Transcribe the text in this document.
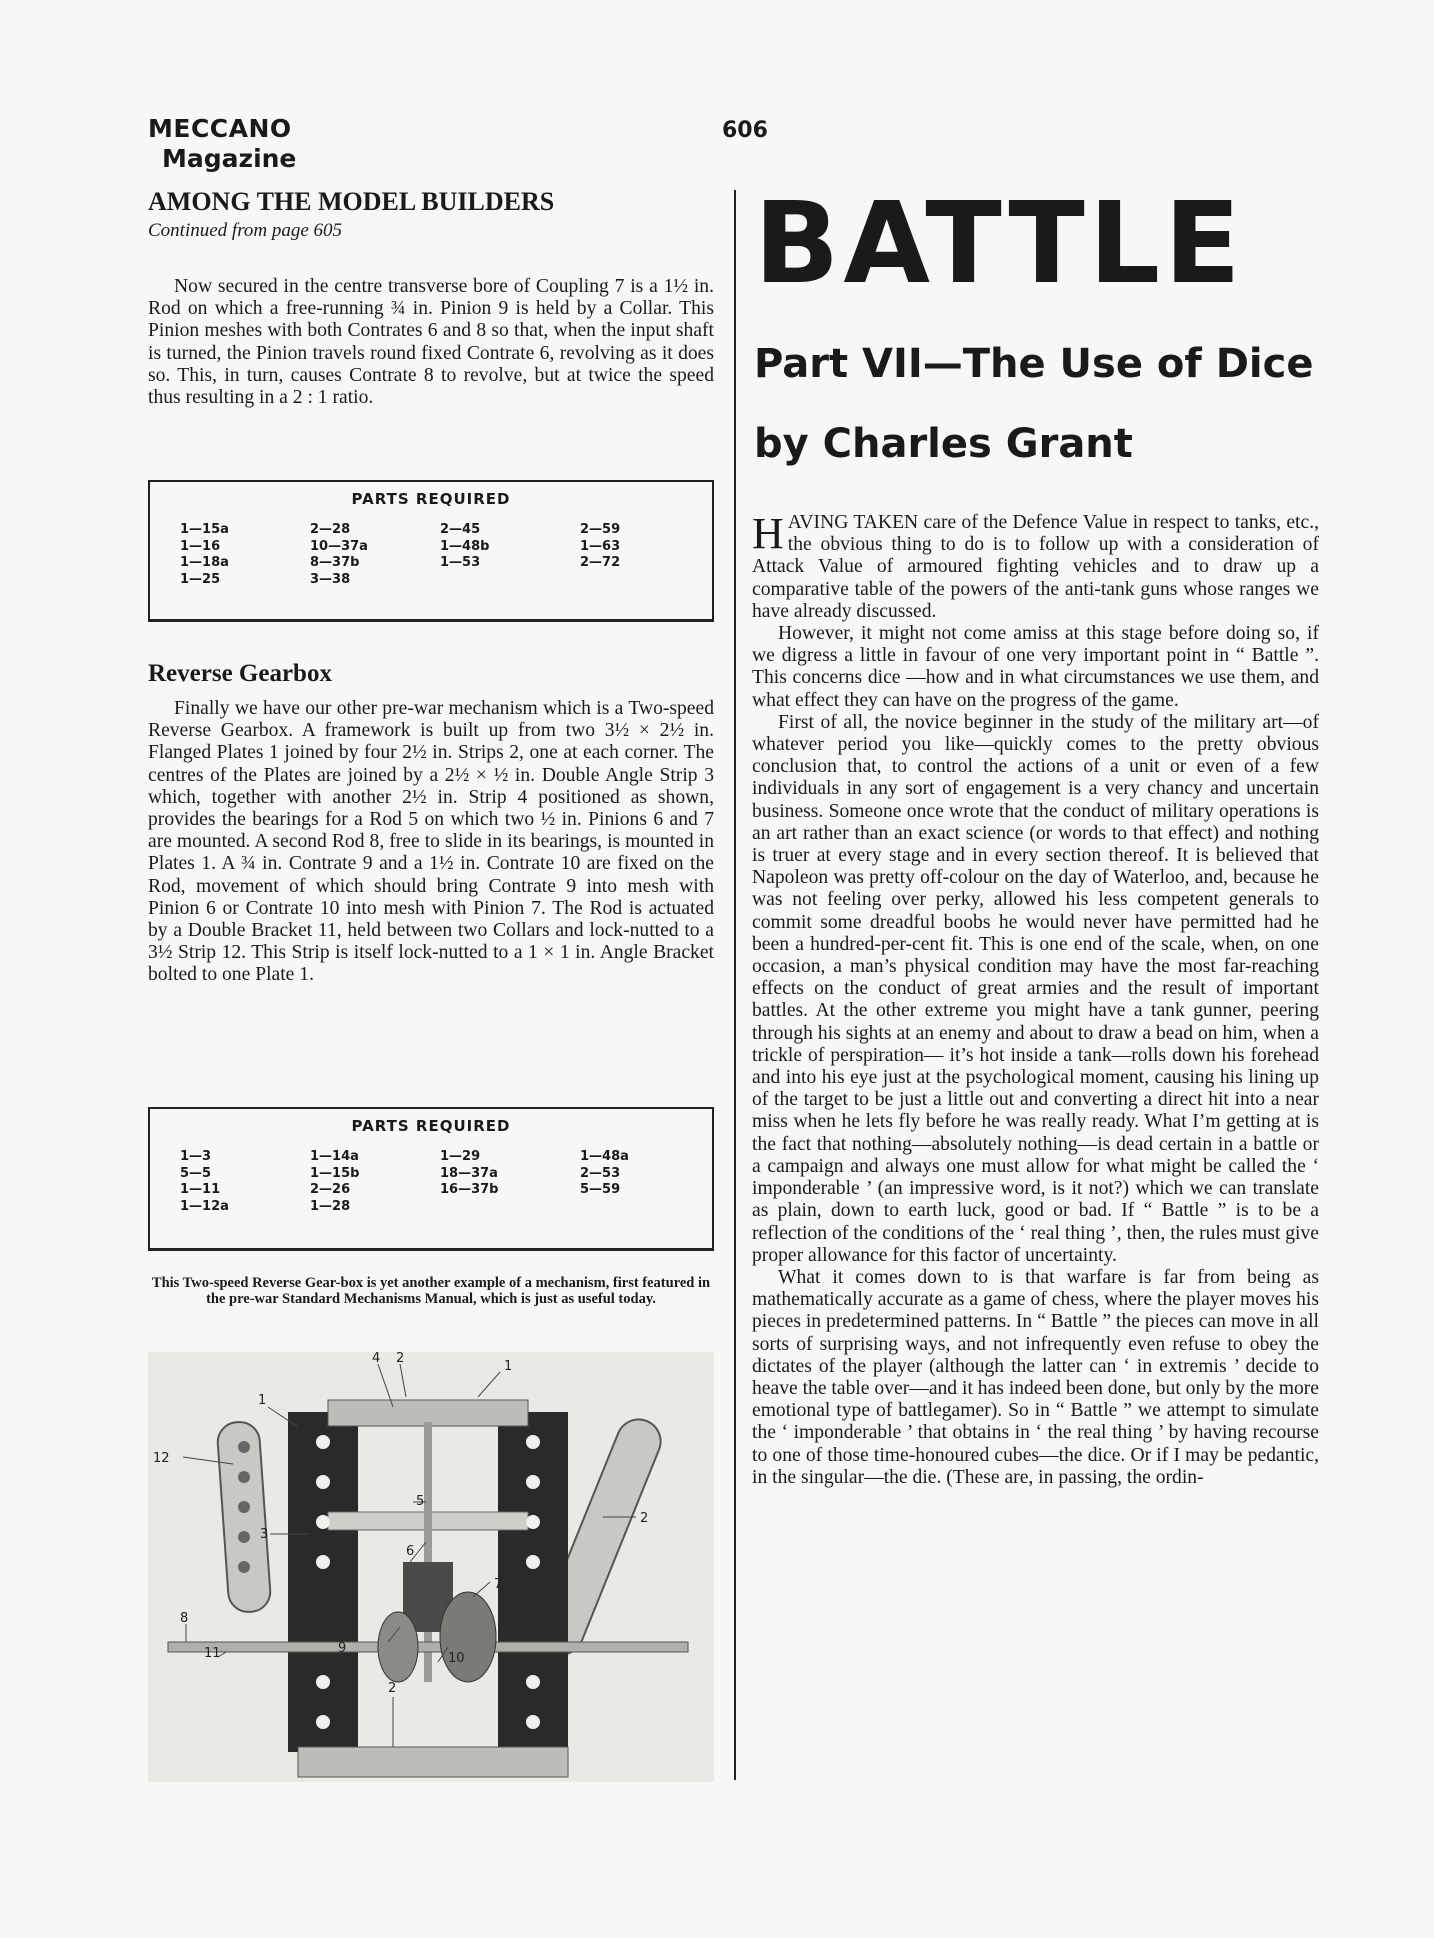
MECCANO
Magazine
606
AMONG THE MODEL BUILDERS

Continued from page 605

Now secured in the centre transverse bore of Coupling 7 is a 1½ in. Rod on which a free-running ¾ in. Pinion 9 is held by a Collar. This Pinion meshes with both Contrates 6 and 8 so that, when the input shaft is turned, the Pinion travels round fixed Contrate 6, revolving as it does so. This, in turn, causes Contrate 8 to revolve, but at twice the speed thus resulting in a 2 : 1 ratio.

PARTS REQUIRED
1—15a
1—16
1—18a
1—25
2—28
10—37a
8—37b
3—38
2—45
1—48b
1—53
2—59
1—63
2—72
Reverse Gearbox

Finally we have our other pre-war mechanism which is a Two-speed Reverse Gearbox. A framework is built up from two 3½ × 2½ in. Flanged Plates 1 joined by four 2½ in. Strips 2, one at each corner. The centres of the Plates are joined by a 2½ × ½ in. Double Angle Strip 3 which, together with another 2½ in. Strip 4 positioned as shown, provides the bearings for a Rod 5 on which two ½ in. Pinions 6 and 7 are mounted. A second Rod 8, free to slide in its bearings, is mounted in Plates 1. A ¾ in. Contrate 9 and a 1½ in. Contrate 10 are fixed on the Rod, movement of which should bring Contrate 9 into mesh with Pinion 6 or Contrate 10 into mesh with Pinion 7. The Rod is actuated by a Double Bracket 11, held between two Collars and lock-nutted to a 3½ Strip 12. This Strip is itself lock-nutted to a 1 × 1 in. Angle Bracket bolted to one Plate 1.

PARTS REQUIRED
1—3
5—5
1—11
1—12a
1—14a
1—15b
2—26
1—28
1—29
18—37a
16—37b
1—48a
2—53
5—59
This Two-speed Reverse Gear-box is yet another example of a mechanism, first featured in the pre-war Standard Mechanisms Manual, which is just as useful today.
4 2
1
1
12
5
2
3
6
7
8
9
11	10
2
BATTLE
Part VII—The Use of Dice
by Charles Grant

HAVING TAKEN care of the Defence Value in respect to tanks, etc., the obvious thing to do is to follow up with a consideration of Attack Value of armoured fighting vehicles and to draw up a comparative table of the powers of the anti-tank guns whose ranges we have already discussed.

However, it might not come amiss at this stage before doing so, if we digress a little in favour of one very important point in “ Battle ”. This concerns dice —how and in what circumstances we use them, and what effect they can have on the progress of the game.

First of all, the novice beginner in the study of the military art—of whatever period you like—quickly comes to the pretty obvious conclusion that, to control the actions of a unit or even of a few individuals in any sort of engagement is a very chancy and uncertain business. Someone once wrote that the conduct of military operations is an art rather than an exact science (or words to that effect) and nothing is truer at every stage and in every section thereof. It is believed that Napoleon was pretty off-colour on the day of Waterloo, and, because he was not feeling over perky, allowed his less competent generals to commit some dreadful boobs he would never have permitted had he been a hundred-per-cent fit. This is one end of the scale, when, on one occasion, a man’s physical condition may have the most far-reaching effects on the conduct of great armies and the result of important battles. At the other extreme you might have a tank gunner, peering through his sights at an enemy and about to draw a bead on him, when a trickle of perspiration— it’s hot inside a tank—rolls down his forehead and into his eye just at the psychological moment, causing his lining up of the target to be just a little out and converting a direct hit into a near miss when he lets fly before he was really ready. What I’m getting at is the fact that nothing—absolutely nothing—is dead certain in a battle or a campaign and always one must allow for what might be called the ‘ imponderable ’ (an impressive word, is it not?) which we can translate as plain, down to earth luck, good or bad. If “ Battle ” is to be a reflection of the conditions of the ‘ real thing ’, then, the rules must give proper allowance for this factor of uncertainty.

What it comes down to is that warfare is far from being as mathematically accurate as a game of chess, where the player moves his pieces in predetermined patterns. In “ Battle ” the pieces can move in all sorts of surprising ways, and not infrequently even refuse to obey the dictates of the player (although the latter can ‘ in extremis ’ decide to heave the table over—and it has indeed been done, but only by the more emotional type of battlegamer). So in “ Battle ” we attempt to simulate the ‘ imponderable ’ that obtains in ‘ the real thing ’ by having recourse to one of those time-honoured cubes—the dice. Or if I may be pedantic, in the singular—the die. (These are, in passing, the ordin-
